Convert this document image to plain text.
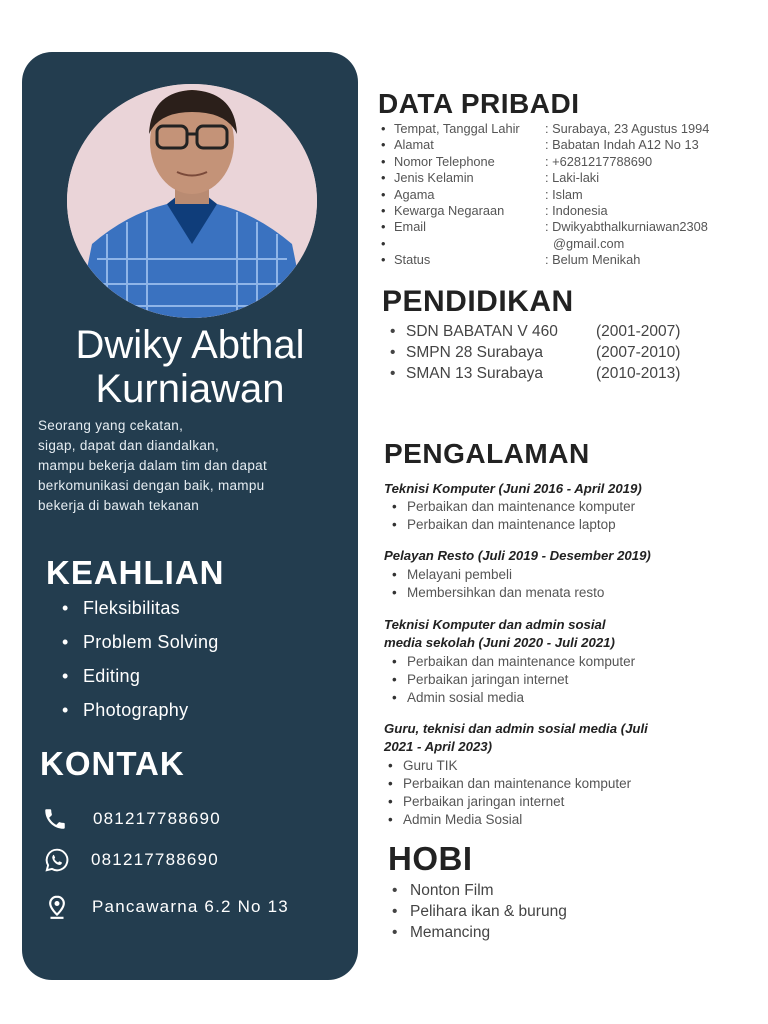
Dwiky Abthal
Kurniawan
Seorang yang cekatan,
sigap, dapat dan diandalkan,
mampu bekerja dalam tim dan dapat
berkomunikasi dengan baik, mampu
bekerja di bawah tekanan
KEAHLIAN
• Fleksibilitas
• Problem Solving
• Editing
• Photography
KONTAK
081217788690
081217788690
Pancawarna 6.2 No 13
DATA PRIBADI
Tempat, Tanggal Lahir : Surabaya, 23 Agustus 1994
Alamat	: Babatan Indah A12 No 13
Nomor Telephone	: +6281217788690
Jenis Kelamin	: Laki-laki
Agama	: Islam
Kewarga Negaraan	: Indonesia
Email	: Dwikyabthalkurniawan2308
@gmail.com
Status	: Belum Menikah
PENDIDIKAN
SDN BABATAN V 460 (2001-2007)
SMPN 28 Surabaya	(2007-2010)
SMAN 13 Surabaya	(2010-2013)
PENGALAMAN
Teknisi Komputer (Juni 2016 - April 2019)
• Perbaikan dan maintenance komputer
• Perbaikan dan maintenance laptop
Pelayan Resto (Juli 2019 - Desember 2019)
• Melayani pembeli
• Membersihkan dan menata resto
Teknisi Komputer dan admin sosial
media sekolah (Juni 2020 - Juli 2021)
• Perbaikan dan maintenance komputer
• Perbaikan jaringan internet
• Admin sosial media
Guru, teknisi dan admin sosial media (Juli
2021 - April 2023)
• Guru TIK
• Perbaikan dan maintenance komputer
• Perbaikan jaringan internet
• Admin Media Sosial
HOBI
• Nonton Film
• Pelihara ikan & burung
• Memancing
